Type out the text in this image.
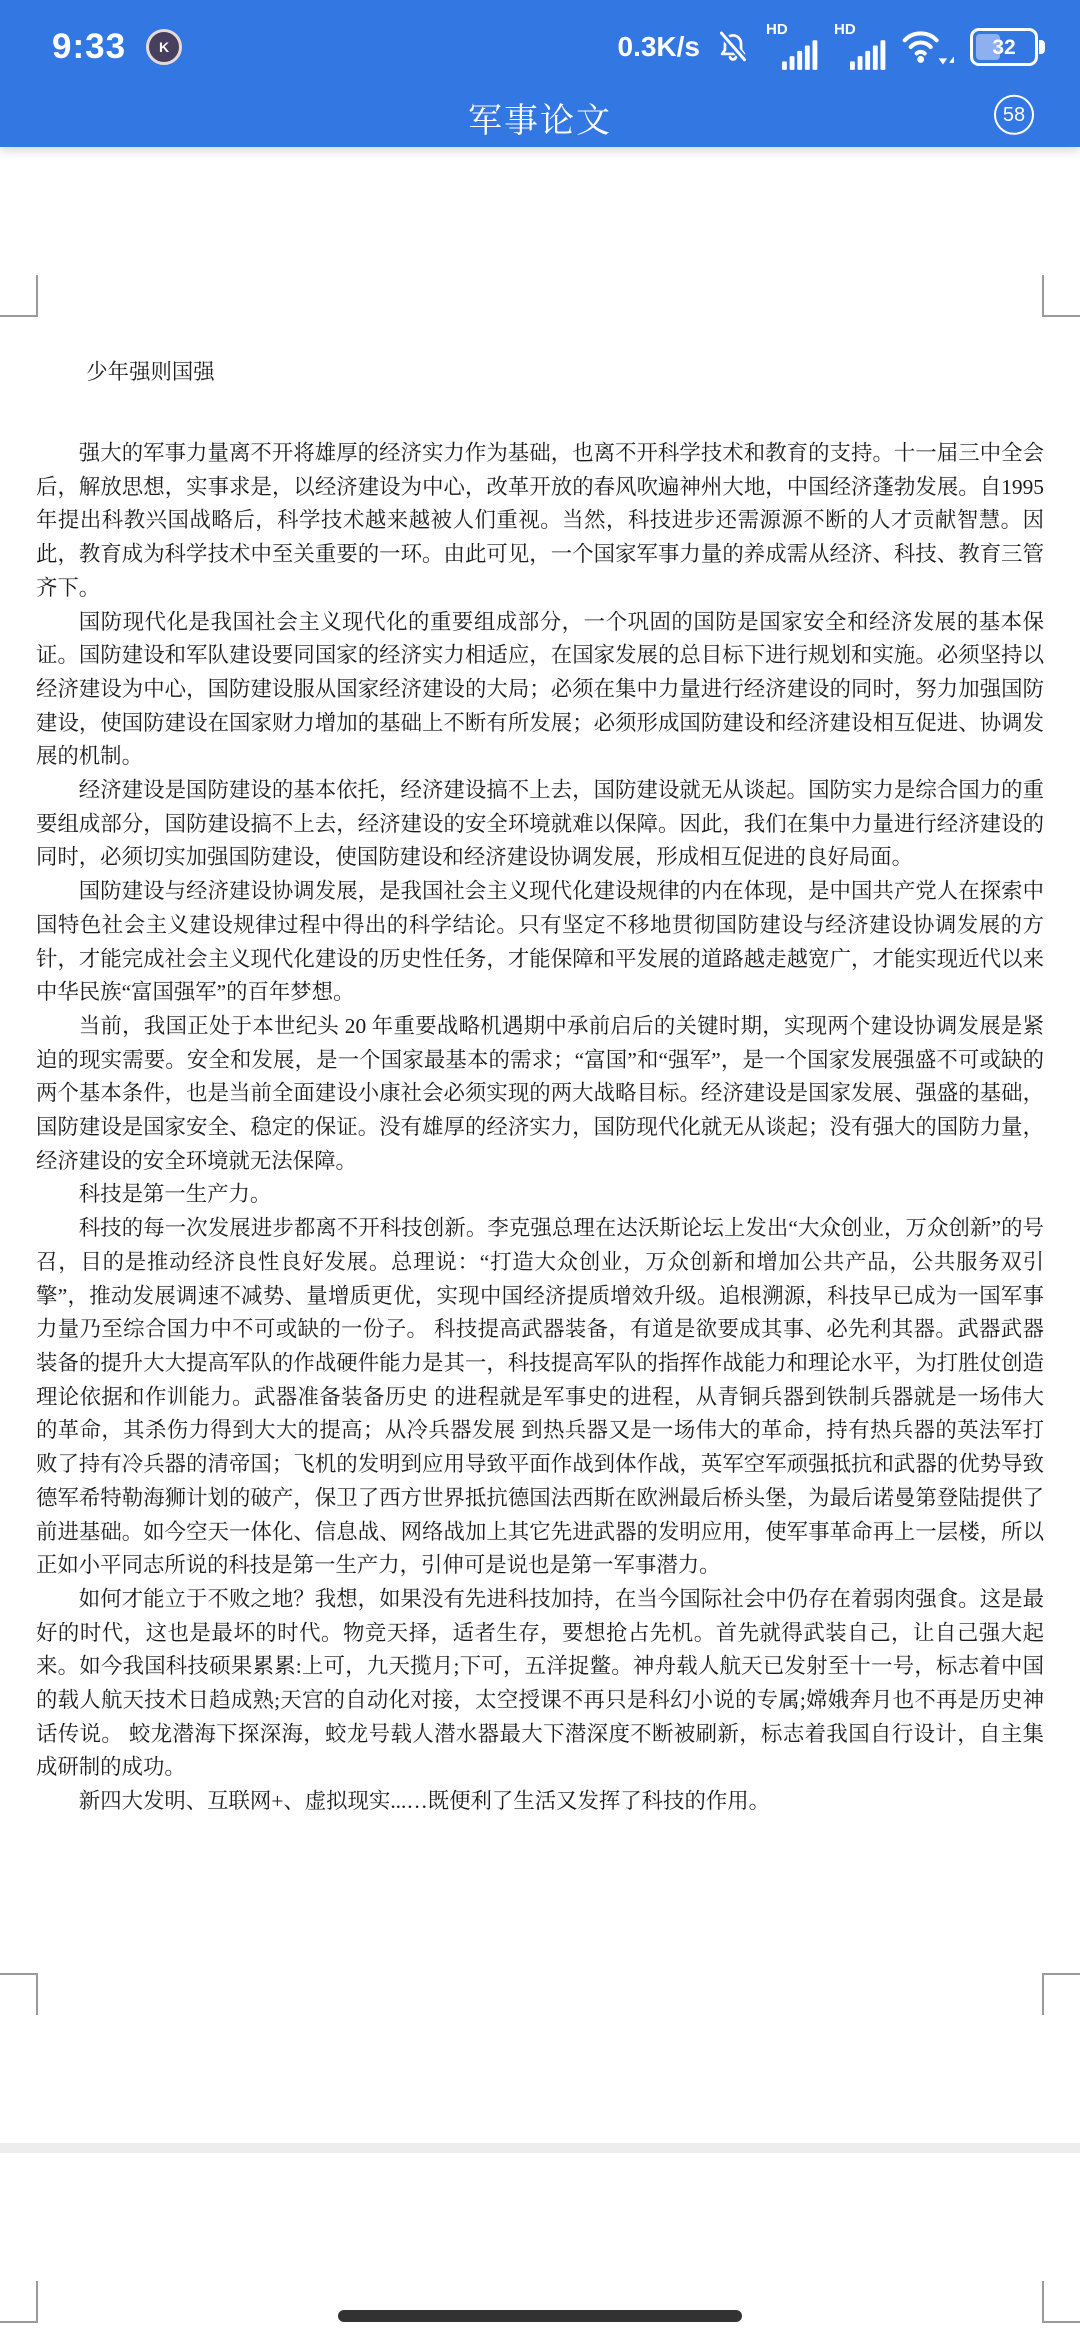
9:33 K	0.3K/s
HD	HD
32
军事论文	58
少年强则国强

强大的军事力量离不开将雄厚的经济实力作为基础，也离不开科学技术和教育的支持。十一届三中全会后，解放思想，实事求是，以经济建设为中心，改革开放的春风吹遍神州大地，中国经济蓬勃发展。自1995 年提出科教兴国战略后，科学技术越来越被人们重视。当然，科技进步还需源源不断的人才贡献智慧。因此，教育成为科学技术中至关重要的一环。由此可见，一个国家军事力量的养成需从经济、科技、教育三管齐下。

国防现代化是我国社会主义现代化的重要组成部分，一个巩固的国防是国家安全和经济发展的基本保证。国防建设和军队建设要同国家的经济实力相适应，在国家发展的总目标下进行规划和实施。必须坚持以经济建设为中心，国防建设服从国家经济建设的大局；必须在集中力量进行经济建设的同时，努力加强国防建设，使国防建设在国家财力增加的基础上不断有所发展；必须形成国防建设和经济建设相互促进、协调发展的机制。

经济建设是国防建设的基本依托，经济建设搞不上去，国防建设就无从谈起。国防实力是综合国力的重要组成部分，国防建设搞不上去，经济建设的安全环境就难以保障。因此，我们在集中力量进行经济建设的同时，必须切实加强国防建设，使国防建设和经济建设协调发展，形成相互促进的良好局面。

国防建设与经济建设协调发展，是我国社会主义现代化建设规律的内在体现，是中国共产党人在探索中国特色社会主义建设规律过程中得出的科学结论。只有坚定不移地贯彻国防建设与经济建设协调发展的方针，才能完成社会主义现代化建设的历史性任务，才能保障和平发展的道路越走越宽广，才能实现近代以来中华民族“富国强军”的百年梦想。

当前，我国正处于本世纪头 20 年重要战略机遇期中承前启后的关键时期，实现两个建设协调发展是紧迫的现实需要。安全和发展，是一个国家最基本的需求；“富国”和“强军”，是一个国家发展强盛不可或缺的两个基本条件，也是当前全面建设小康社会必须实现的两大战略目标。经济建设是国家发展、强盛的基础，国防建设是国家安全、稳定的保证。没有雄厚的经济实力，国防现代化就无从谈起；没有强大的国防力量，经济建设的安全环境就无法保障。

科技是第一生产力。

科技的每一次发展进步都离不开科技创新。李克强总理在达沃斯论坛上发出“大众创业，万众创新”的号召，目的是推动经济良性良好发展。总理说：“打造大众创业，万众创新和增加公共产品，公共服务双引擎”，推动发展调速不减势、量增质更优，实现中国经济提质增效升级。追根溯源，科技早已成为一国军事力量乃至综合国力中不可或缺的一份子。 科技提高武器装备，有道是欲要成其事、必先利其器。武器武器装备的提升大大提高军队的作战硬件能力是其一，科技提高军队的指挥作战能力和理论水平，为打胜仗创造理论依据和作训能力。武器准备装备历史 的进程就是军事史的进程，从青铜兵器到铁制兵器就是一场伟大的革命，其杀伤力得到大大的提高；从冷兵器发展 到热兵器又是一场伟大的革命，持有热兵器的英法军打败了持有冷兵器的清帝国；飞机的发明到应用导致平面作战到体作战，英军空军顽强抵抗和武器的优势导致德军希特勒海狮计划的破产，保卫了西方世界抵抗德国法西斯在欧洲最后桥头堡，为最后诺曼第登陆提供了前进基础。如今空天一体化、信息战、网络战加上其它先进武器的发明应用，使军事革命再上一层楼，所以正如小平同志所说的科技是第一生产力，引伸可是说也是第一军事潜力。

如何才能立于不败之地？我想，如果没有先进科技加持，在当今国际社会中仍存在着弱肉强食。这是最好的时代，这也是最坏的时代。物竞天择，适者生存，要想抢占先机。首先就得武装自己，让自己强大起来。如今我国科技硕果累累:上可，九天揽月;下可，五洋捉鳖。神舟载人航天已发射至十一号，标志着中国的载人航天技术日趋成熟;天宫的自动化对接，太空授课不再只是科幻小说的专属;嫦娥奔月也不再是历史神话传说。 蛟龙潜海下探深海，蛟龙号载人潜水器最大下潜深度不断被刷新，标志着我国自行设计，自主集成研制的成功。

新四大发明、互联网+、虚拟现实...…既便利了生活又发挥了科技的作用。
